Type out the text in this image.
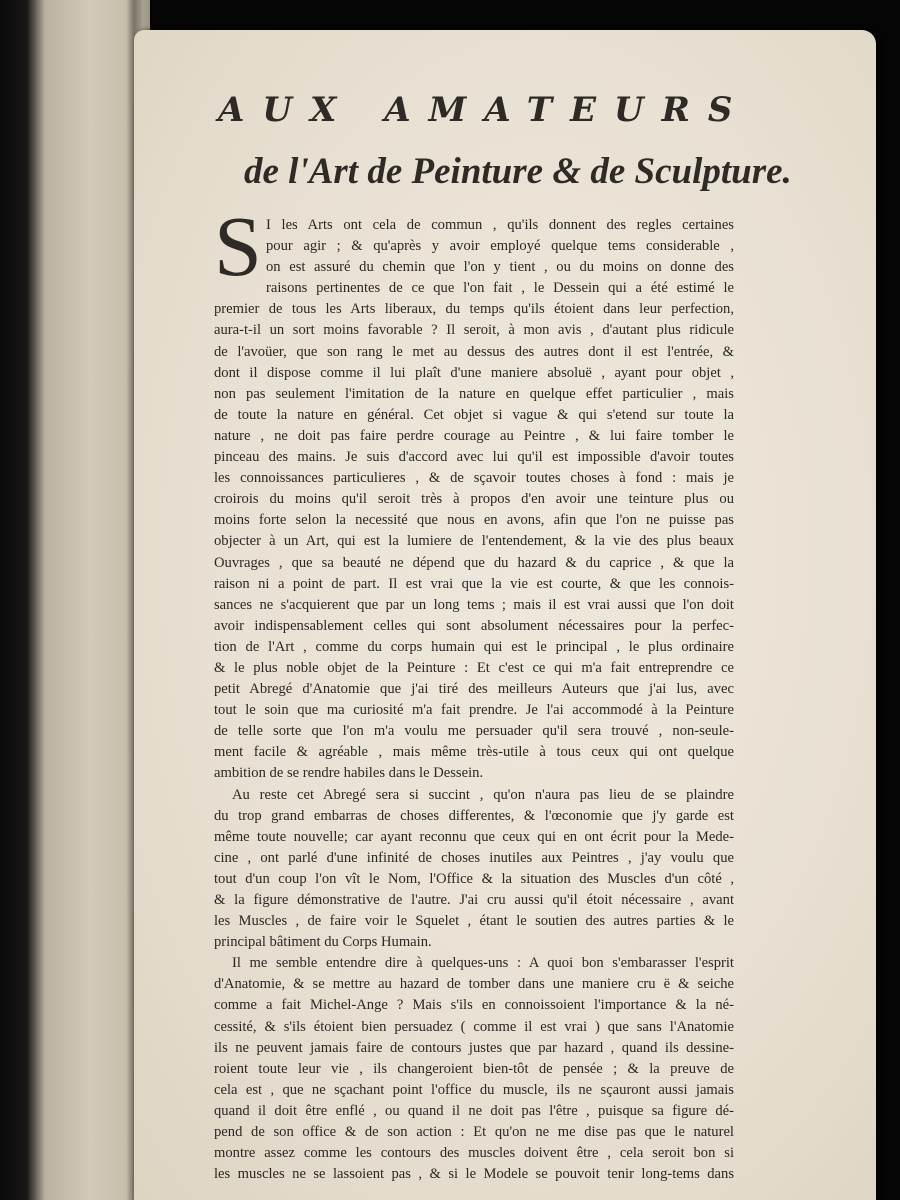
AUX AMATEURS
de l'Art de Peinture & de Sculpture.
S I les Arts ont cela de commun , qu'ils donnent des regles certaines
pour agir ; & qu'après y avoir employé quelque tems considerable ,
on est assuré du chemin que l'on y tient , ou du moins on donne des
raisons pertinentes de ce que l'on fait , le Dessein qui a été estimé le
premier de tous les Arts liberaux, du temps qu'ils étoient dans leur perfection,
aura-t-il un sort moins favorable ? Il seroit, à mon avis , d'autant plus ridicule
de l'avoüer, que son rang le met au dessus des autres dont il est l'entrée, &
dont il dispose comme il lui plaît d'une maniere absoluë , ayant pour objet ,
non pas seulement l'imitation de la nature en quelque effet particulier , mais
de toute la nature en général. Cet objet si vague & qui s'etend sur toute la
nature , ne doit pas faire perdre courage au Peintre , & lui faire tomber le
pinceau des mains. Je suis d'accord avec lui qu'il est impossible d'avoir toutes
les connoissances particulieres , & de sçavoir toutes choses à fond : mais je
croirois du moins qu'il seroit très à propos d'en avoir une teinture plus ou
moins forte selon la necessité que nous en avons, afin que l'on ne puisse pas
objecter à un Art, qui est la lumiere de l'entendement, & la vie des plus beaux
Ouvrages , que sa beauté ne dépend que du hazard & du caprice , & que la
raison ni a point de part. Il est vrai que la vie est courte, & que les connois-
sances ne s'acquierent que par un long tems ; mais il est vrai aussi que l'on doit
avoir indispensablement celles qui sont absolument nécessaires pour la perfec-
tion de l'Art , comme du corps humain qui est le principal , le plus ordinaire
& le plus noble objet de la Peinture : Et c'est ce qui m'a fait entreprendre ce
petit Abregé d'Anatomie que j'ai tiré des meilleurs Auteurs que j'ai lus, avec
tout le soin que ma curiosité m'a fait prendre. Je l'ai accommodé à la Peinture
de telle sorte que l'on m'a voulu me persuader qu'il sera trouvé , non-seule-
ment facile & agréable , mais même très-utile à tous ceux qui ont quelque
ambition de se rendre habiles dans le Dessein.
Au reste cet Abregé sera si succint , qu'on n'aura pas lieu de se plaindre
du trop grand embarras de choses differentes, & l'œconomie que j'y garde est
même toute nouvelle; car ayant reconnu que ceux qui en ont écrit pour la Mede-
cine , ont parlé d'une infinité de choses inutiles aux Peintres , j'ay voulu que
tout d'un coup l'on vît le Nom, l'Office & la situation des Muscles d'un côté ,
& la figure démonstrative de l'autre. J'ai cru aussi qu'il étoit nécessaire , avant
les Muscles , de faire voir le Squelet , étant le soutien des autres parties & le
principal bâtiment du Corps Humain.
Il me semble entendre dire à quelques-uns : A quoi bon s'embarasser l'esprit
d'Anatomie, & se mettre au hazard de tomber dans une maniere cru ë & seiche
comme a fait Michel-Ange ? Mais s'ils en connoissoient l'importance & la né-
cessité, & s'ils étoient bien persuadez ( comme il est vrai ) que sans l'Anatomie
ils ne peuvent jamais faire de contours justes que par hazard , quand ils dessine-
roient toute leur vie , ils changeroient bien-tôt de pensée ; & la preuve de
cela est , que ne sçachant point l'office du muscle, ils ne sçauront aussi jamais
quand il doit être enflé , ou quand il ne doit pas l'être , puisque sa figure dé-
pend de son office & de son action : Et qu'on ne me dise pas que le naturel
montre assez comme les contours des muscles doivent être , cela seroit bon si
les muscles ne se lassoient pas , & si le Modele se pouvoit tenir long-tems dans
